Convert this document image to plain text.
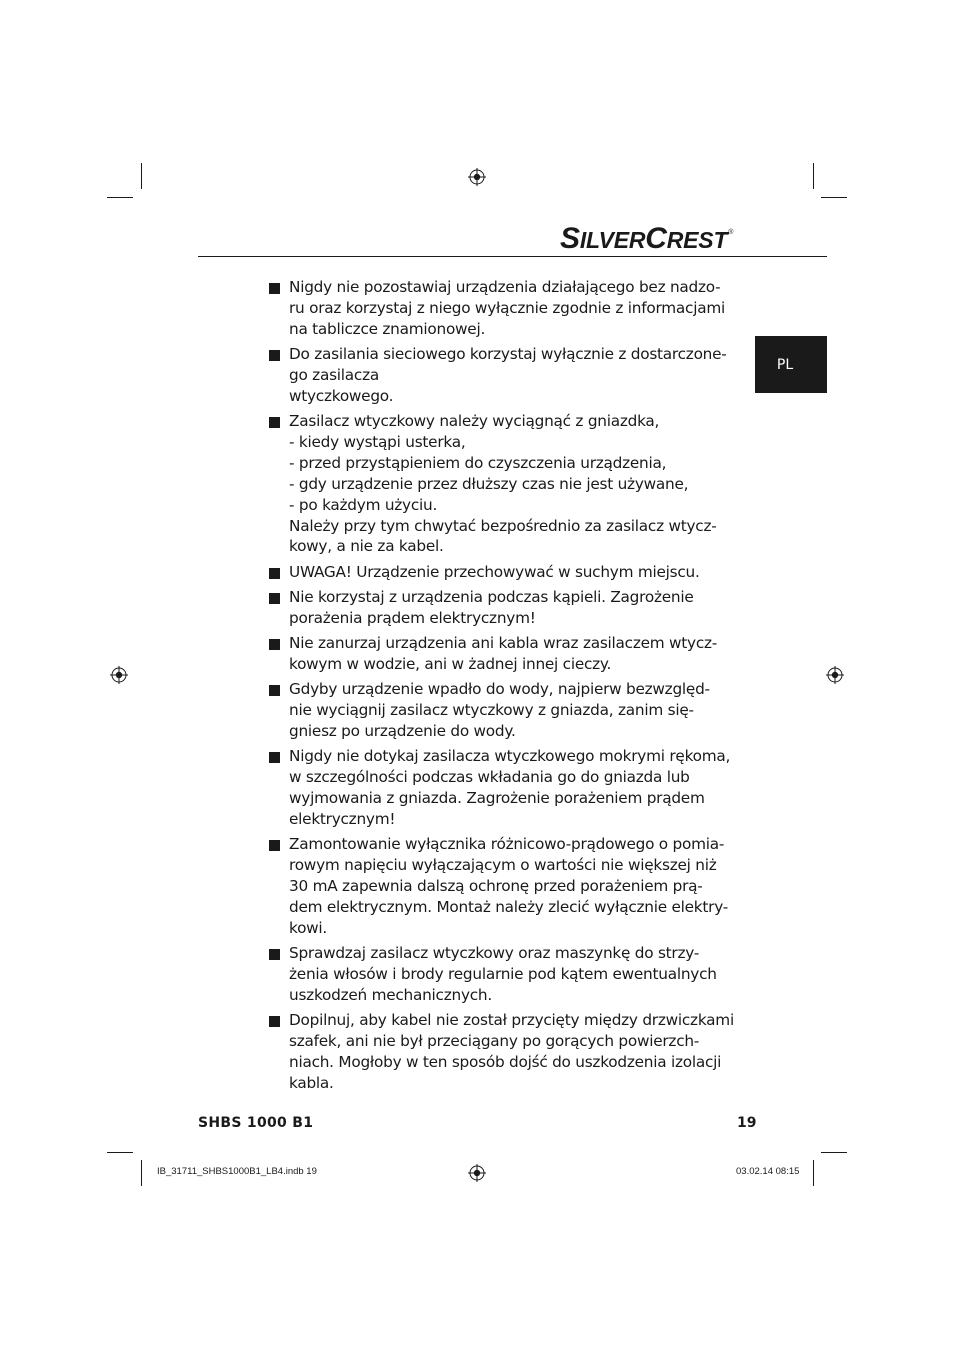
SILVERCREST®
PL
Nigdy nie pozostawiaj urządzenia działającego bez nadzo-
ru oraz korzystaj z niego wyłącznie zgodnie z informacjami
na tabliczce znamionowej.
Do zasilania sieciowego korzystaj wyłącznie z dostarczone-
go zasilacza
wtyczkowego.
Zasilacz wtyczkowy należy wyciągnąć z gniazdka,
- kiedy wystąpi usterka,
- przed przystąpieniem do czyszczenia urządzenia,
- gdy urządzenie przez dłuższy czas nie jest używane,
- po każdym użyciu.
Należy przy tym chwytać bezpośrednio za zasilacz wtycz-
kowy, a nie za kabel.
UWAGA! Urządzenie przechowywać w suchym miejscu.
Nie korzystaj z urządzenia podczas kąpieli. Zagrożenie
porażenia prądem elektrycznym!
Nie zanurzaj urządzenia ani kabla wraz zasilaczem wtycz-
kowym w wodzie, ani w żadnej innej cieczy.
Gdyby urządzenie wpadło do wody, najpierw bezwzględ-
nie wyciągnij zasilacz wtyczkowy z gniazda, zanim się-
gniesz po urządzenie do wody.
Nigdy nie dotykaj zasilacza wtyczkowego mokrymi rękoma,
w szczególności podczas wkładania go do gniazda lub
wyjmowania z gniazda. Zagrożenie porażeniem prądem
elektrycznym!
Zamontowanie wyłącznika różnicowo-prądowego o pomia-
rowym napięciu wyłączającym o wartości nie większej niż
30 mA zapewnia dalszą ochronę przed porażeniem prą-
dem elektrycznym. Montaż należy zlecić wyłącznie elektry-
kowi.
Sprawdzaj zasilacz wtyczkowy oraz maszynkę do strzy-
żenia włosów i brody regularnie pod kątem ewentualnych
uszkodzeń mechanicznych.
Dopilnuj, aby kabel nie został przycięty między drzwiczkami
szafek, ani nie był przeciągany po gorących powierzch-
niach. Mogłoby w ten sposób dojść do uszkodzenia izolacji
kabla.
SHBS 1000 B1	19
IB_31711_SHBS1000B1_LB4.indb 19	03.02.14 08:15
